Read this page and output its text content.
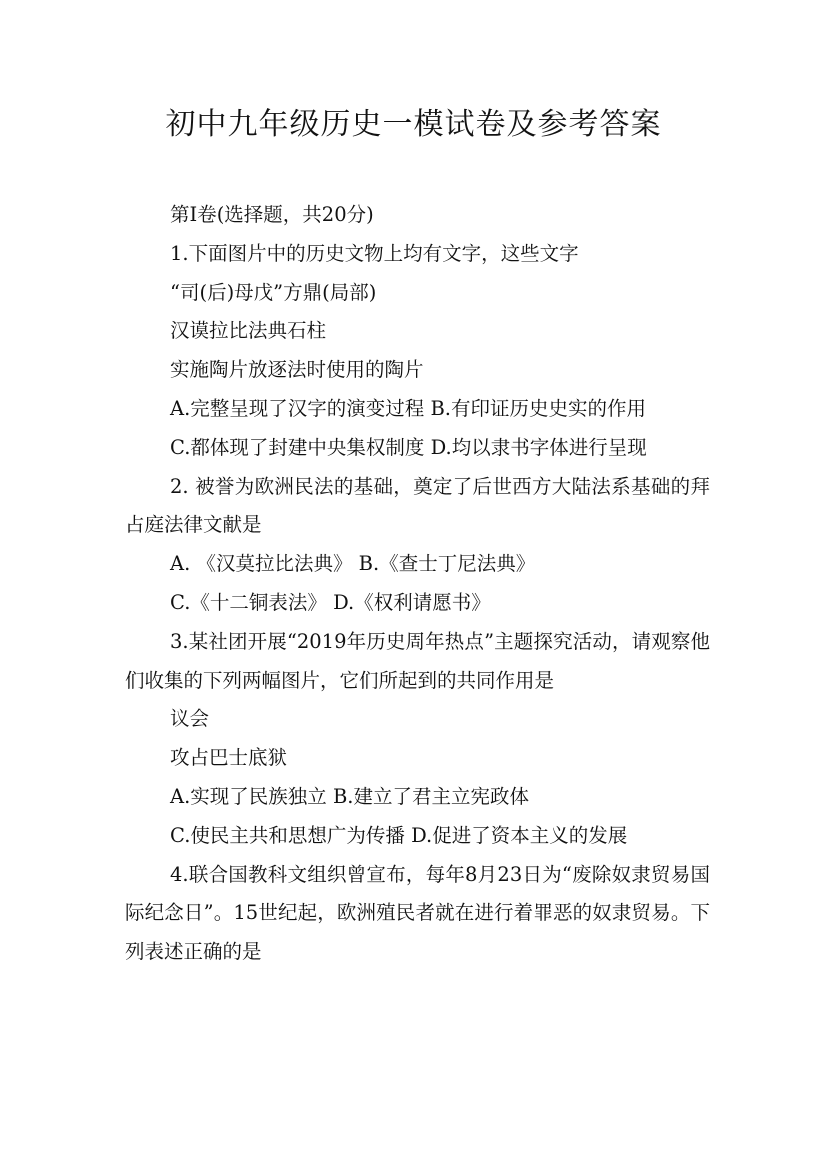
初中九年级历史一模试卷及参考答案

第Ⅰ卷(选择题，共20分)

1.下面图片中的历史文物上均有文字，这些文字

“司(后)母戊”方鼎(局部)

汉谟拉比法典石柱

实施陶片放逐法时使用的陶片

A.完整呈现了汉字的演变过程 B.有印证历史史实的作用

C.都体现了封建中央集权制度 D.均以隶书字体进行呈现

2. 被誉为欧洲民法的基础，奠定了后世西方大陆法系基础的拜占庭法律文献是

A. 《汉莫拉比法典》 B.《查士丁尼法典》

C.《十二铜表法》 D.《权利请愿书》

3.某社团开展“2019年历史周年热点”主题探究活动，请观察他们收集的下列两幅图片，它们所起到的共同作用是

议会

攻占巴士底狱

A.实现了民族独立 B.建立了君主立宪政体

C.使民主共和思想广为传播 D.促进了资本主义的发展

4.联合国教科文组织曾宣布，每年8月23日为“废除奴隶贸易国际纪念日”。15世纪起，欧洲殖民者就在进行着罪恶的奴隶贸易。下列表述正确的是
